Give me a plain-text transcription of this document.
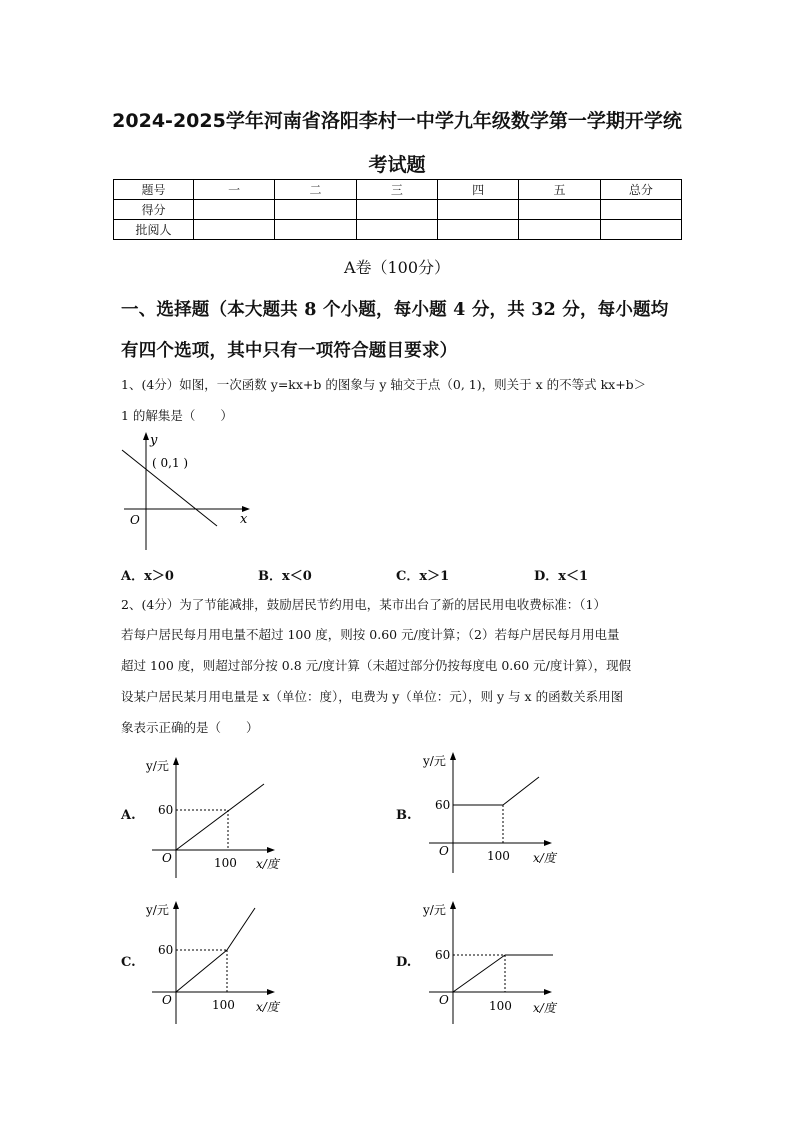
2024-2025学年河南省洛阳李村一中学九年级数学第一学期开学统
考试题
题号	一	二	三	四	五	总分
得分						
批阅人						
A卷（100分）
一、选择题（本大题共 8 个小题，每小题 4 分，共 32 分，每小题均
有四个选项，其中只有一项符合题目要求）
1、(4分）如图，一次函数 y=kx+b 的图象与 y 轴交于点（0, 1)，则关于 x 的不等式 kx+b＞
1 的解集是（　　）
y
x
O
( 0,1 )
A．x＞0	B．x＜0	C．x＞1	D．x＜1
2、(4分）为了节能减排，鼓励居民节约用电，某市出台了新的居民用电收费标准：（1）
若每户居民每月用电量不超过 100 度，则按 0.60 元/度计算；（2）若每户居民每月用电量
超过 100 度，则超过部分按 0.8 元/度计算（未超过部分仍按每度电 0.60 元/度计算），现假
设某户居民某月用电量是 x（单位：度），电费为 y（单位：元），则 y 与 x 的函数关系用图
象表示正确的是（　　）
A.
y/元
60
O	100 x/度
B.
y/元
60
O	100 x/度
C.
y/元
60
O	100 x/度
D.
y/元
60
O	100 x/度
